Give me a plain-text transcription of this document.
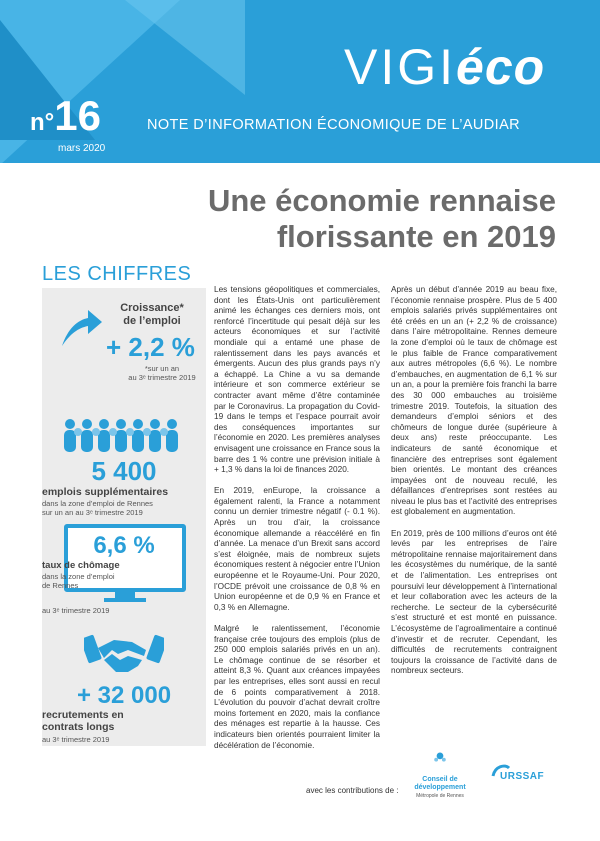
VIGIéco
n°16
mars 2020
NOTE D’INFORMATION ÉCONOMIQUE DE L’AUDIAR
Une économie rennaise
florissante en 2019
LES CHIFFRES
Croissance*
de l’emploi
+ 2,2 %
*sur un an
au 3ᵉ trimestre 2019
5 400
emplois supplémentaires
dans la zone d’emploi de Rennes
sur un an au 3ᵉ trimestre 2019
6,6 %
taux de chômage
dans la zone d’emploi
de Rennes
au 3ᵉ trimestre 2019
+ 32 000
recrutements en
contrats longs
au 3ᵉ trimestre 2019

Les tensions géopolitiques et commerciales, dont les États-Unis ont particulièrement animé les échanges ces derniers mois, ont renforcé l’incertitude qui pesait déjà sur les acteurs économiques et sur l’activité mondiale qui a entamé une phase de ralentissement dans les pays avancés et émergents. Aucun des plus grands pays n’y a échappé. La Chine a vu sa demande intérieure et son commerce extérieur se contracter avant même d’être contaminée par le Coronavirus. La propagation du Covid-19 dans le temps et l’espace pourrait avoir des conséquences importantes sur l’économie en 2020. Les premières analyses envisagent une croissance en France sous la barre des 1 % contre une prévision initiale à + 1,3 % dans la loi de finances 2020.

En 2019, enEurope, la croissance a également ralenti, la France a notamment connu un dernier trimestre négatif (- 0.1 %). Après un trou d’air, la croissance économique allemande a réaccéléré en fin d’année. La menace d’un Brexit sans accord s’est éloignée, mais de nombreux sujets économiques restent à négocier entre l’Union européenne et le Royaume-Uni. Pour 2020, l’OCDE prévoit une croissance de 0,8 % en Union européenne et de 0,9 % en France et 0,3 % en Allemagne.

Malgré le ralentissement, l’économie française crée toujours des emplois (plus de 250 000 emplois salariés privés en un an). Le chômage continue de se résorber et atteint 8,3 %. Quant aux créances impayées par les entreprises, elles sont aussi en recul de 6 points comparativement à 2018. L’évolution du pouvoir d’achat devrait croître moins fortement en 2020, mais la confiance des ménages est repartie à la hausse. Ces indicateurs bien orientés pourraient limiter la décélération de l’économie.

Après un début d’année 2019 au beau fixe, l’économie rennaise prospère. Plus de 5 400 emplois salariés privés supplémentaires ont été créés en un an (+ 2,2 % de croissance) dans l’aire métropolitaine. Rennes demeure la zone d’emploi où le taux de chômage est le plus faible de France comparativement aux autres métropoles (6,6 %). Le nombre d’embauches, en augmentation de 6,1 % sur un an, a pour la première fois franchi la barre des 30 000 embauches au troisième trimestre 2019. Toutefois, la situation des demandeurs d’emploi séniors et des chômeurs de longue durée (supérieure à deux ans) reste préoccupante. Les indicateurs de santé économique et financière des entreprises sont également bien orientés. Le montant des créances impayées ont de nouveau reculé, les défaillances d’entreprises sont restées au niveau le plus bas et l’activité des entreprises est globalement en augmentation.

En 2019, près de 100 millions d’euros ont été levés par les entreprises de l’aire métropolitaine rennaise majoritairement dans les écosystèmes du numérique, de la santé et de l’alimentation. Les entreprises ont poursuivi leur développement à l’international et leur collaboration avec les acteurs de la recherche. Le secteur de la cybersécurité s’est structuré et est monté en puissance. L’écosystème de l’agroalimentaire a continué d’investir et de recruter. Cependant, les difficultés de recrutements contraignent toujours la croissance de l’activité dans de nombreux secteurs.

avec les contributions de :
Conseil de
développement
Métropole de Rennes
URSSAF
